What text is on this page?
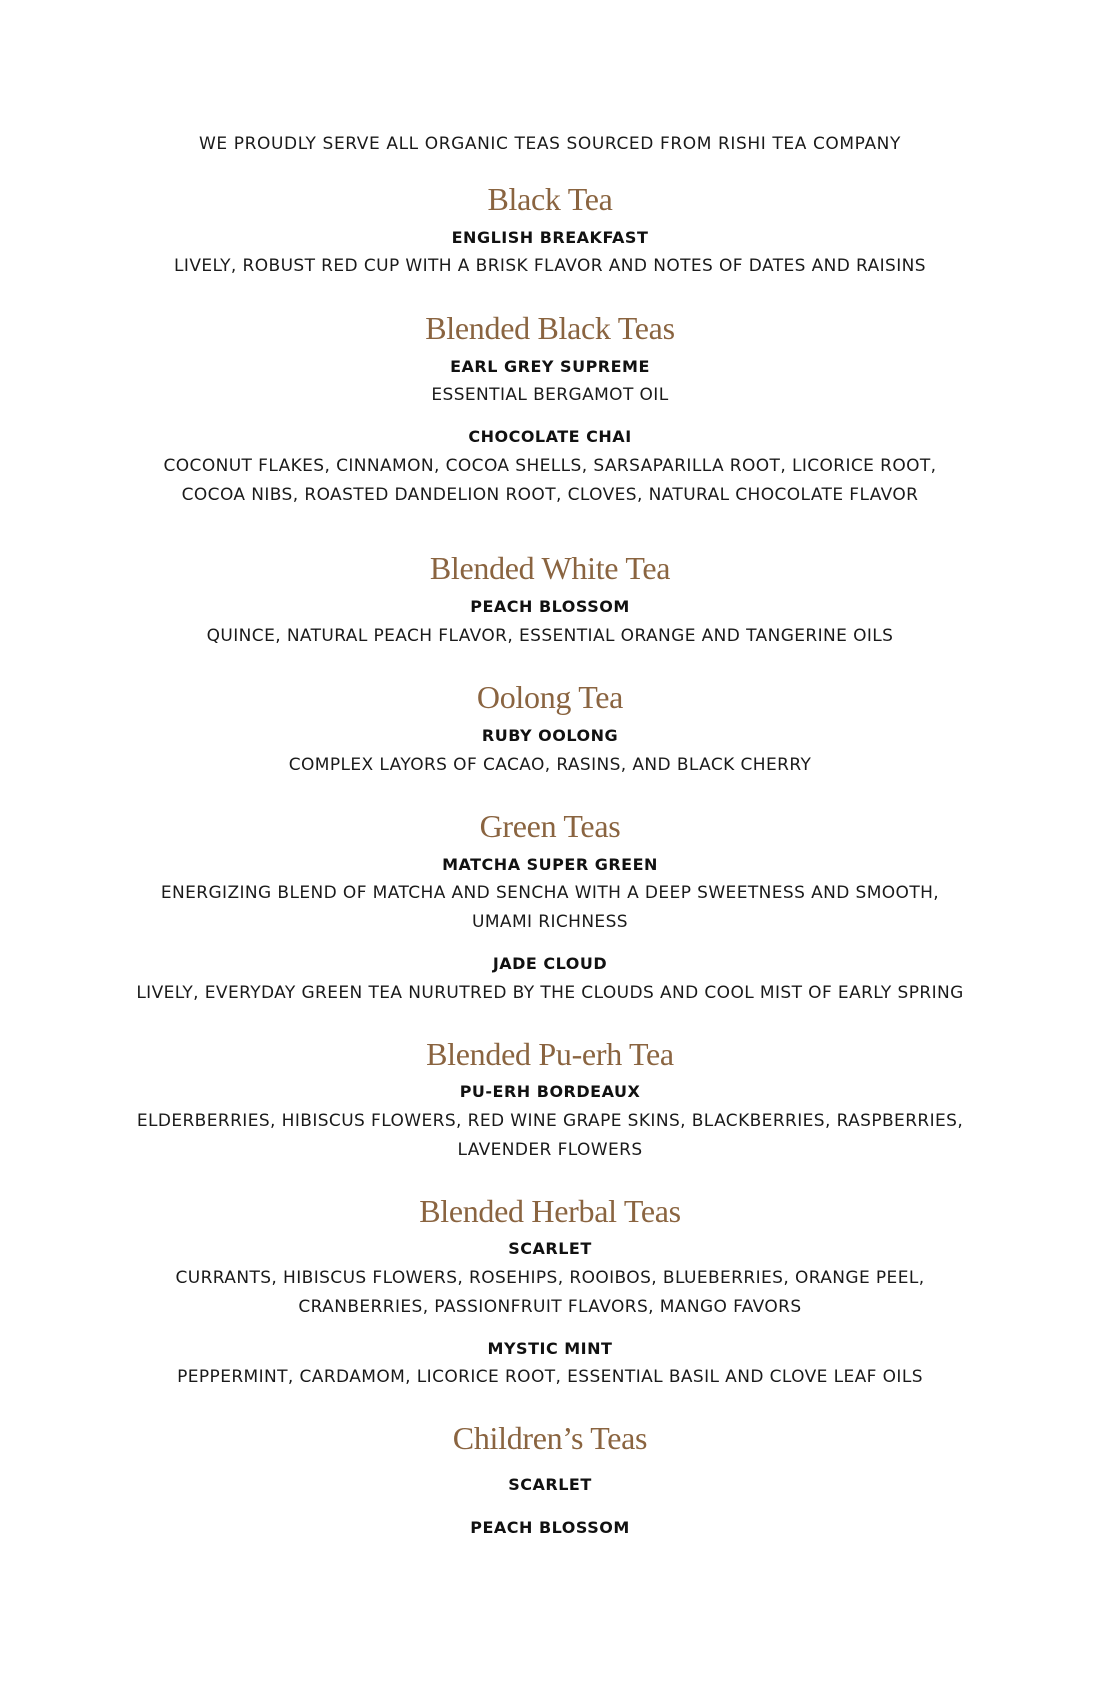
WE PROUDLY SERVE ALL ORGANIC TEAS SOURCED FROM RISHI TEA COMPANY
Black Tea
ENGLISH BREAKFAST
LIVELY, ROBUST RED CUP WITH A BRISK FLAVOR AND NOTES OF DATES AND RAISINS
Blended Black Teas
EARL GREY SUPREME
ESSENTIAL BERGAMOT OIL
CHOCOLATE CHAI
COCONUT FLAKES, CINNAMON, COCOA SHELLS, SARSAPARILLA ROOT, LICORICE ROOT,
COCOA NIBS, ROASTED DANDELION ROOT, CLOVES, NATURAL CHOCOLATE FLAVOR
Blended White Tea
PEACH BLOSSOM
QUINCE, NATURAL PEACH FLAVOR, ESSENTIAL ORANGE AND TANGERINE OILS
Oolong Tea
RUBY OOLONG
COMPLEX LAYORS OF CACAO, RASINS, AND BLACK CHERRY
Green Teas
MATCHA SUPER GREEN
ENERGIZING BLEND OF MATCHA AND SENCHA WITH A DEEP SWEETNESS AND SMOOTH,
UMAMI RICHNESS
JADE CLOUD
LIVELY, EVERYDAY GREEN TEA NURUTRED BY THE CLOUDS AND COOL MIST OF EARLY SPRING
Blended Pu-erh Tea
PU-ERH BORDEAUX
ELDERBERRIES, HIBISCUS FLOWERS, RED WINE GRAPE SKINS, BLACKBERRIES, RASPBERRIES,
LAVENDER FLOWERS
Blended Herbal Teas
SCARLET
CURRANTS, HIBISCUS FLOWERS, ROSEHIPS, ROOIBOS, BLUEBERRIES, ORANGE PEEL,
CRANBERRIES, PASSIONFRUIT FLAVORS, MANGO FAVORS
MYSTIC MINT
PEPPERMINT, CARDAMOM, LICORICE ROOT, ESSENTIAL BASIL AND CLOVE LEAF OILS
Children’s Teas
SCARLET
PEACH BLOSSOM
